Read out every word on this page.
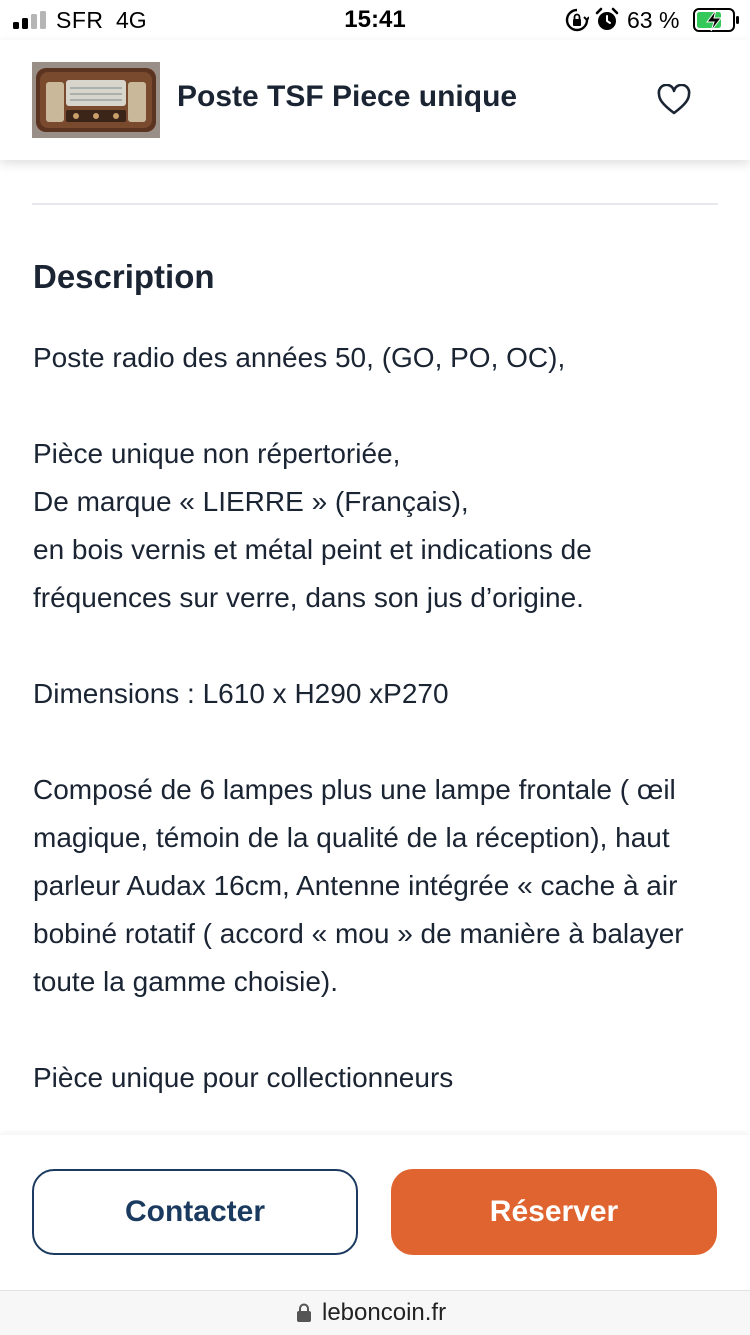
SFR 4G	15:41	63 %
Poste TSF Piece unique
Description

Poste radio des années 50, (GO, PO, OC),

Pièce unique non répertoriée,
De marque « LIERRE » (Français),
en bois vernis et métal peint et indications de fréquences sur verre, dans son jus d’origine.

Dimensions : L610 x H290 xP270

Composé de 6 lampes plus une lampe frontale ( œil magique, témoin de la qualité de la réception), haut parleur Audax 16cm, Antenne intégrée « cache à air bobiné rotatif ( accord « mou » de manière à balayer toute la gamme choisie).

Pièce unique pour collectionneurs

Contacter	Réserver
leboncoin.fr
